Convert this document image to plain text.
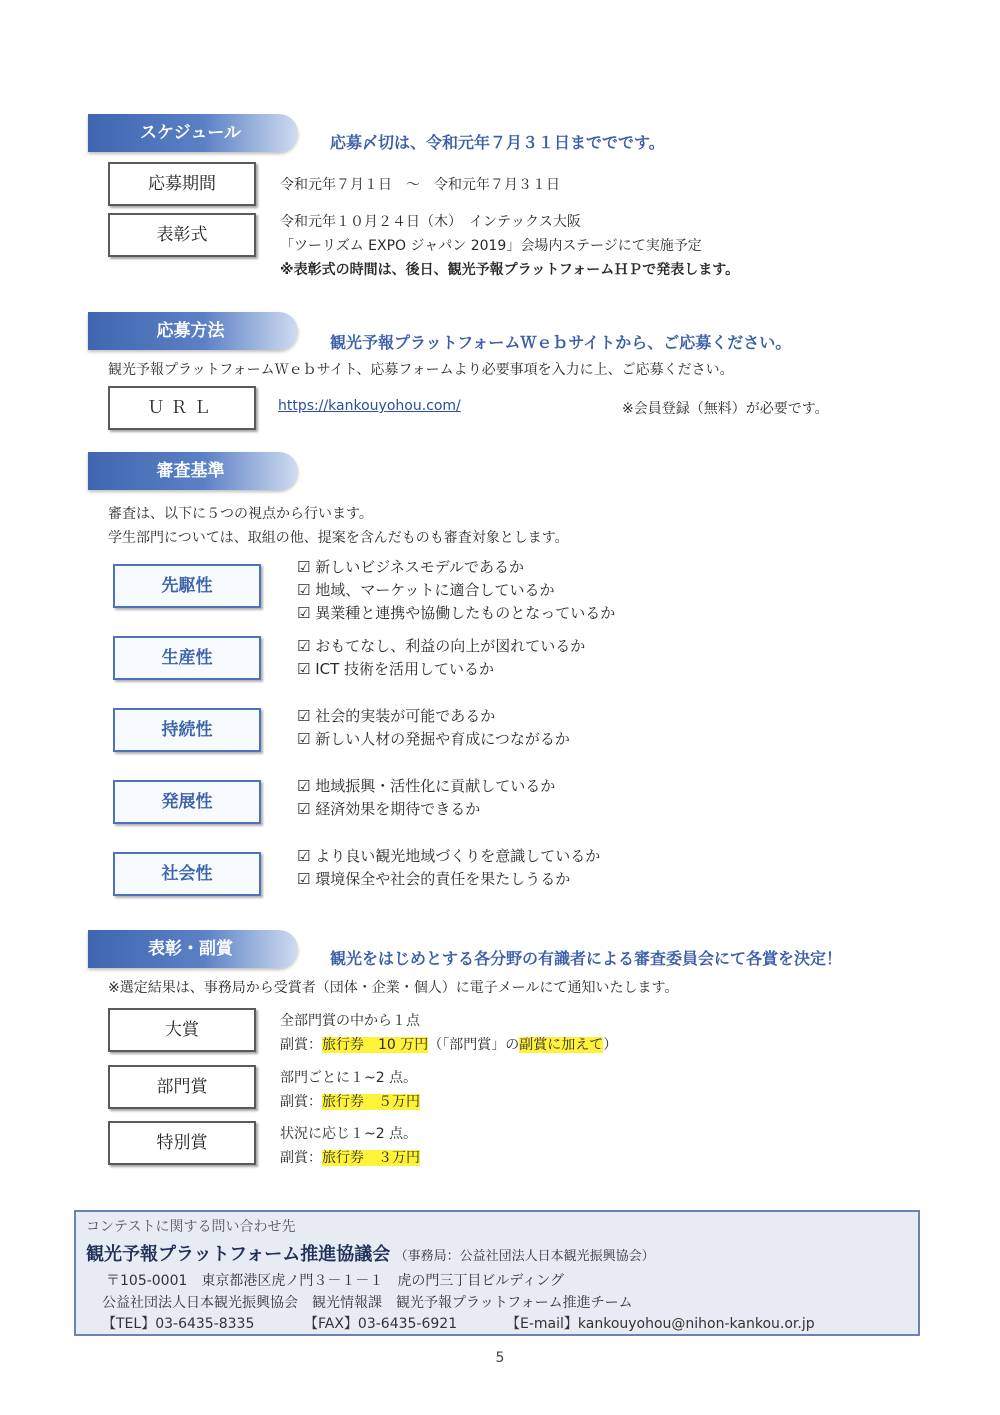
スケジュール	応募〆切は、令和元年７月３１日まででです。
応募期間	令和元年７月１日　～　令和元年７月３１日
表彰式
令和元年１０月２４日（木）　インテックス大阪
「ツーリズム EXPO ジャパン 2019」会場内ステージにて実施予定
※表彰式の時間は、後日、観光予報プラットフォームＨＰで発表します。
応募方法
観光予報プラットフォームＷｅｂサイトから、ご応募ください。
観光予報プラットフォームＷｅｂサイト、応募フォームより必要事項を入力に上、ご応募ください。
ＵＲＬ	https://kankouyohou.com/	※会員登録（無料）が必要です。
審査基準
審査は、以下に５つの視点から行います。
学生部門については、取組の他、提案を含んだものも審査対象とします。
先駆性
☑ 新しいビジネスモデルであるか
☑ 地域、マーケットに適合しているか
☑ 異業種と連携や協働したものとなっているか
生産性
☑ おもてなし、利益の向上が図れているか
☑ ICT 技術を活用しているか
持続性
☑ 社会的実装が可能であるか
☑ 新しい人材の発掘や育成につながるか
発展性
☑ 地域振興・活性化に貢献しているか
☑ 経済効果を期待できるか
社会性
☑ より良い観光地域づくりを意識しているか
☑ 環境保全や社会的責任を果たしうるか
表彰・副賞	観光をはじめとする各分野の有識者による審査委員会にて各賞を決定！
※選定結果は、事務局から受賞者（団体・企業・個人）に電子メールにて通知いたします。
大賞	全部門賞の中から１点
副賞：旅行券　10 万円（「部門賞」の副賞に加えて）
部門賞	部門ごとに１~2 点。
副賞：旅行券　５万円
特別賞	状況に応じ１~2 点。
副賞：旅行券　３万円
コンテストに関する問い合わせ先
観光予報プラットフォーム推進協議会 （事務局：公益社団法人日本観光振興協会）
〒105-0001　東京都港区虎ノ門３－１－１　虎の門三丁目ビルディング
公益社団法人日本観光振興協会　観光情報課　観光予報プラットフォーム推進チーム
【TEL】03-6435-8335	【FAX】03-6435-6921	【E-mail】kankouyohou@nihon-kankou.or.jp
5
